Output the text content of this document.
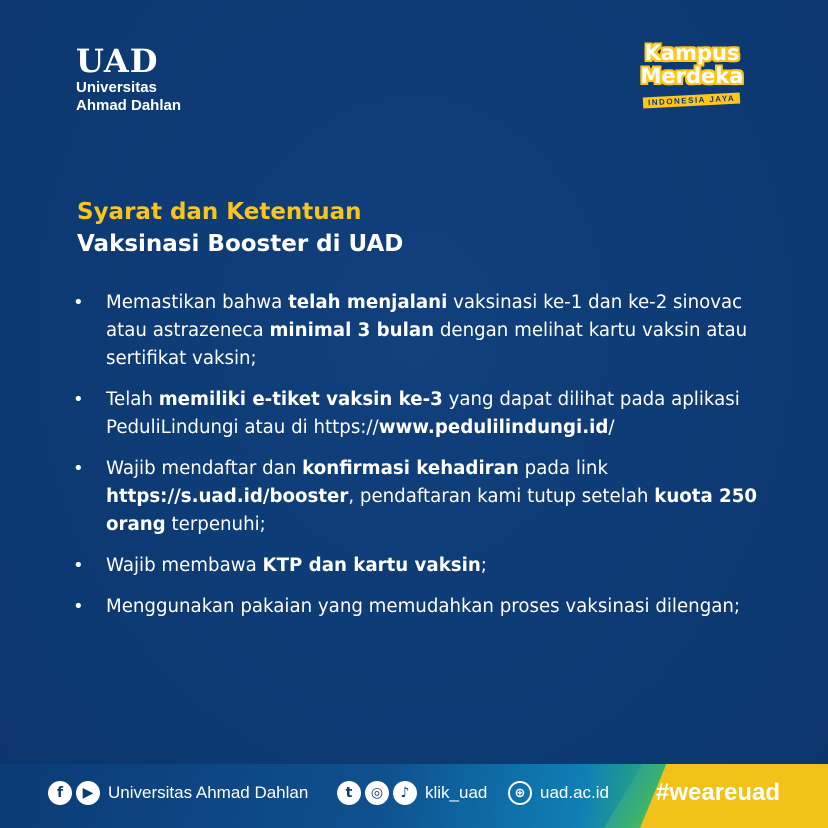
UAD
Universitas
Ahmad Dahlan
Kampus
Merdeka
INDONESIA JAYA
Syarat dan Ketentuan
Vaksinasi Booster di UAD
• Memastikan bahwa telah menjalani vaksinasi ke-1 dan ke-2 sinovac atau astrazeneca minimal 3 bulan dengan melihat kartu vaksin atau sertifikat vaksin;
• Telah memiliki e-tiket vaksin ke-3 yang dapat dilihat pada aplikasi PeduliLindungi atau di https://www.pedulilindungi.id/
• Wajib mendaftar dan konfirmasi kehadiran pada link https://s.uad.id/booster, pendaftaran kami tutup setelah kuota 250 orang terpenuhi;
• Wajib membawa KTP dan kartu vaksin;
• Menggunakan pakaian yang memudahkan proses vaksinasi dilengan;
f	▶ Universitas Ahmad Dahlan	t	◎	♪ klik_uad	⊕ uad.ac.id #weareuad
